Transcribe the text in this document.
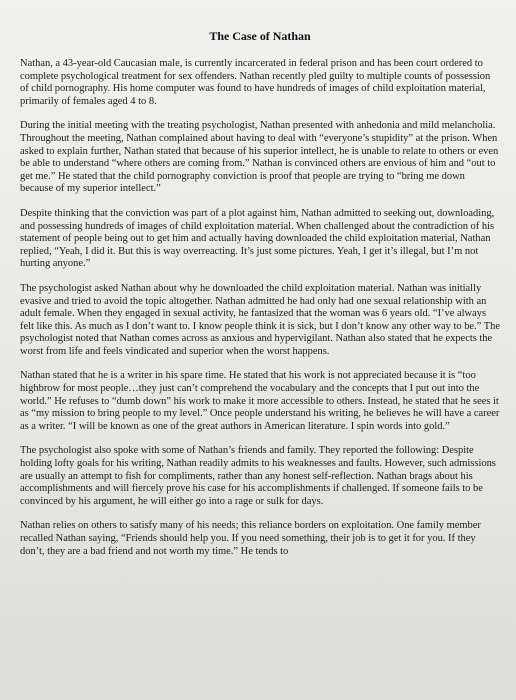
The Case of Nathan

Nathan, a 43-year-old Caucasian male, is currently incarcerated in federal prison and has been court ordered to complete psychological treatment for sex offenders. Nathan recently pled guilty to multiple counts of possession of child pornography. His home computer was found to have hundreds of images of child exploitation material, primarily of females aged 4 to 8.

During the initial meeting with the treating psychologist, Nathan presented with anhedonia and mild melancholia. Throughout the meeting, Nathan complained about having to deal with “everyone’s stupidity” at the prison. When asked to explain further, Nathan stated that because of his superior intellect, he is unable to relate to others or even be able to understand “where others are coming from.” Nathan is convinced others are envious of him and “out to get me.” He stated that the child pornography conviction is proof that people are trying to “bring me down because of my superior intellect.”

Despite thinking that the conviction was part of a plot against him, Nathan admitted to seeking out, downloading, and possessing hundreds of images of child exploitation material. When challenged about the contradiction of his statement of people being out to get him and actually having downloaded the child exploitation material, Nathan replied, “Yeah, I did it. But this is way overreacting. It’s just some pictures. Yeah, I get it’s illegal, but I’m not hurting anyone.”

The psychologist asked Nathan about why he downloaded the child exploitation material. Nathan was initially evasive and tried to avoid the topic altogether. Nathan admitted he had only had one sexual relationship with an adult female. When they engaged in sexual activity, he fantasized that the woman was 6 years old. “I’ve always felt like this. As much as I don’t want to. I know people think it is sick, but I don’t know any other way to be.” The psychologist noted that Nathan comes across as anxious and hypervigilant. Nathan also stated that he expects the worst from life and feels vindicated and superior when the worst happens.

Nathan stated that he is a writer in his spare time. He stated that his work is not appreciated because it is “too highbrow for most people…they just can’t comprehend the vocabulary and the concepts that I put out into the world.” He refuses to “dumb down” his work to make it more accessible to others. Instead, he stated that he sees it as “my mission to bring people to my level.” Once people understand his writing, he believes he will have a career as a writer. “I will be known as one of the great authors in American literature. I spin words into gold.”

The psychologist also spoke with some of Nathan’s friends and family. They reported the following: Despite holding lofty goals for his writing, Nathan readily admits to his weaknesses and faults. However, such admissions are usually an attempt to fish for compliments, rather than any honest self-reflection. Nathan brags about his accomplishments and will fiercely prove his case for his accomplishments if challenged. If someone fails to be convinced by his argument, he will either go into a rage or sulk for days.

Nathan relies on others to satisfy many of his needs; this reliance borders on exploitation. One family member recalled Nathan saying, “Friends should help you. If you need something, their job is to get it for you. If they don’t, they are a bad friend and not worth my time.” He tends to
